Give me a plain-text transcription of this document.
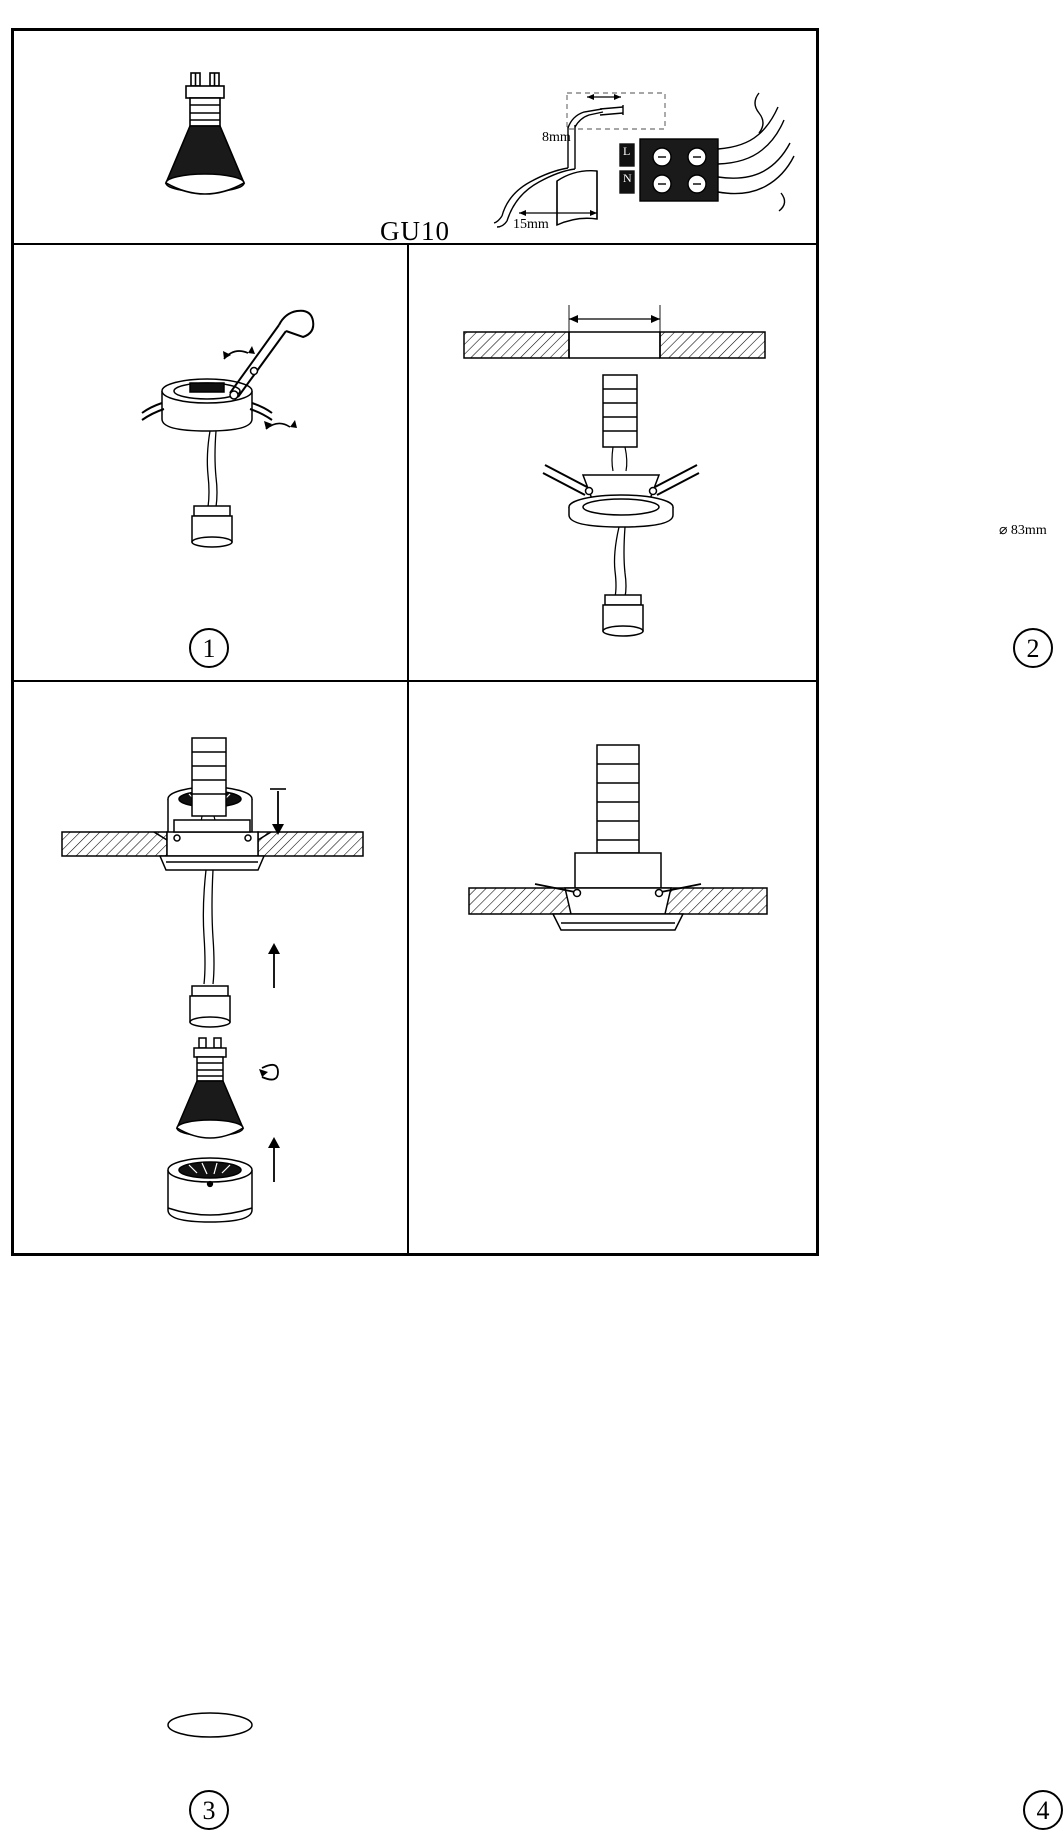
GU10
8mm
15mm
L
N
1
⌀ 83mm
2
3	4
